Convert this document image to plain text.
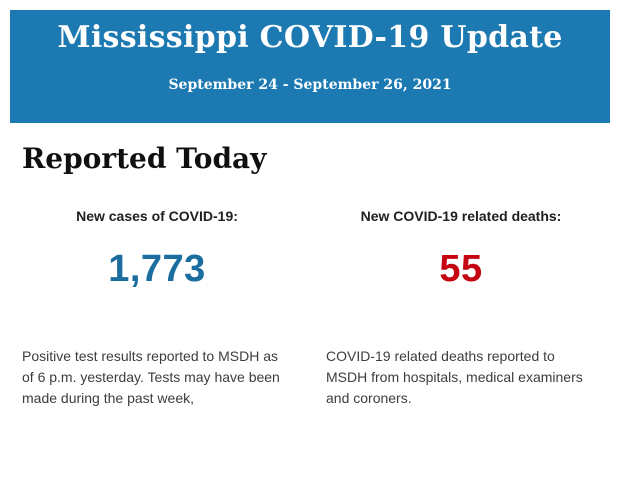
Mississippi COVID-19 Update
September 24 - September 26, 2021
Reported Today
New cases of COVID-19:
1,773
Positive test results reported to MSDH as of 6 p.m. yesterday. Tests may have been made during the past week,
New COVID-19 related deaths:
55
COVID-19 related deaths reported to MSDH from hospitals, medical examiners and coroners.
